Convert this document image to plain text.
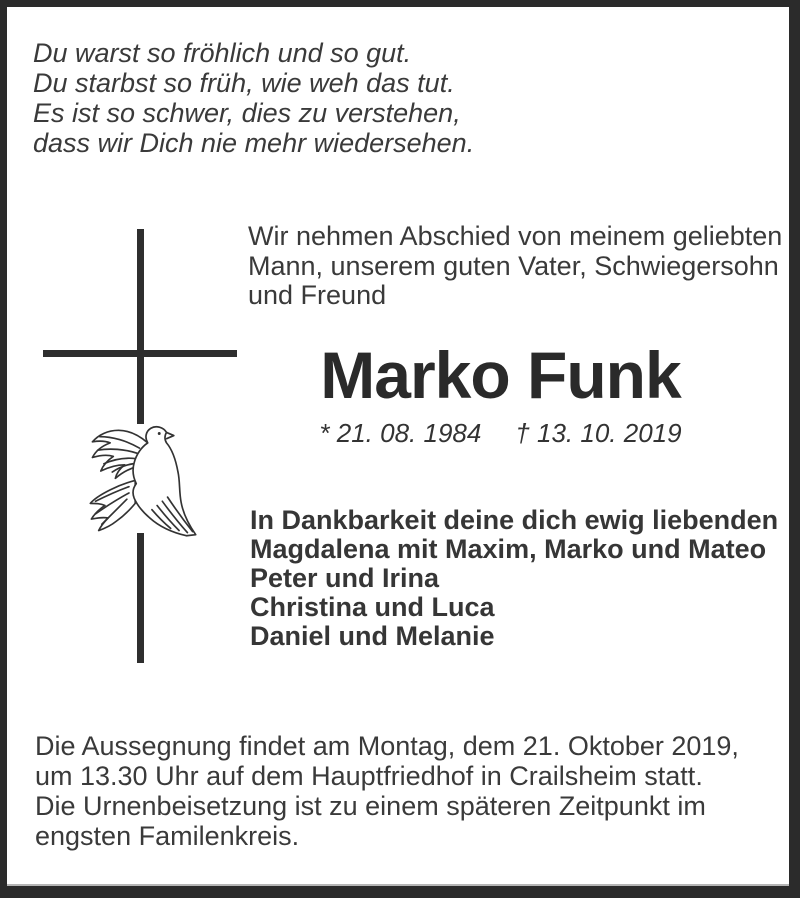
Du warst so fröhlich und so gut.
Du starbst so früh, wie weh das tut.
Es ist so schwer, dies zu verstehen,
dass wir Dich nie mehr wiedersehen.
Wir nehmen Abschied von meinem geliebten
Mann, unserem guten Vater, Schwiegersohn
und Freund
Marko Funk
* 21. 08. 1984 † 13. 10. 2019
In Dankbarkeit deine dich ewig liebenden
Magdalena mit Maxim, Marko und Mateo
Peter und Irina
Christina und Luca
Daniel und Melanie
Die Aussegnung findet am Montag, dem 21. Oktober 2019,
um 13.30 Uhr auf dem Hauptfriedhof in Crailsheim statt.
Die Urnenbeisetzung ist zu einem späteren Zeitpunkt im
engsten Familenkreis.
